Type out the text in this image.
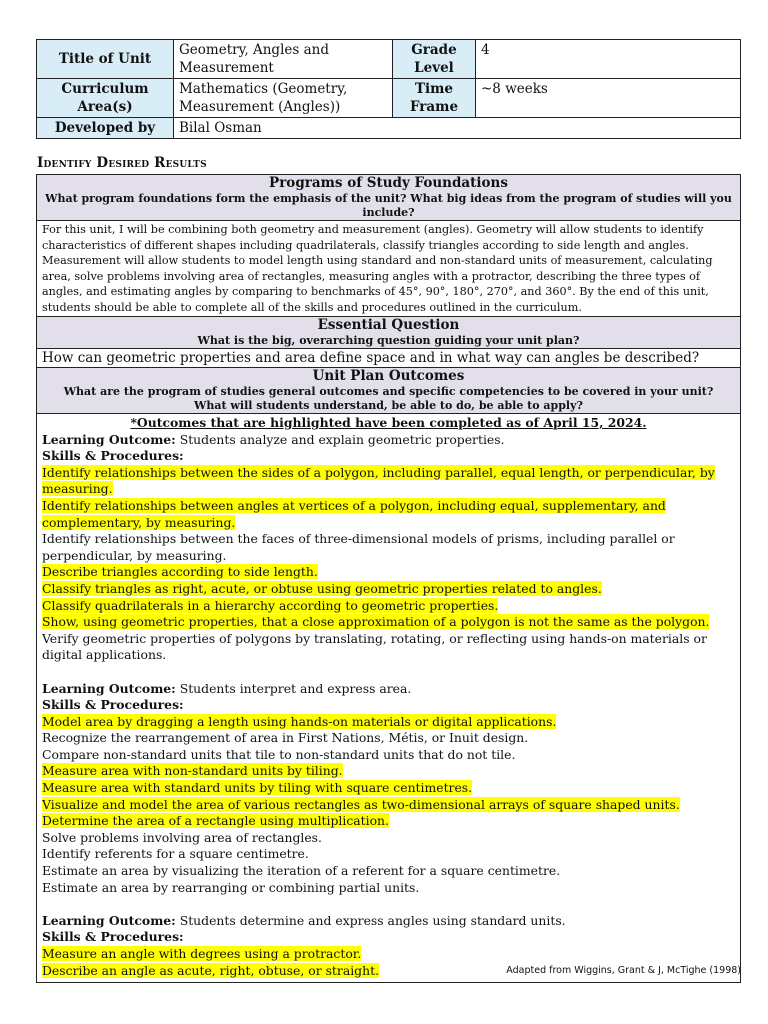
Title of Unit	Geometry, Angles and Measurement	Grade Level	4
Curriculum Area(s)	Mathematics (Geometry, Measurement (Angles))	Time Frame	~8 weeks
Developed by	Bilal Osman		
Identify Desired Results
Programs of Study Foundations
What program foundations form the emphasis of the unit? What big ideas from the program of studies will you include?
For this unit, I will be combining both geometry and measurement (angles). Geometry will allow students to identify characteristics of different shapes including quadrilaterals, classify triangles according to side length and angles. Measurement will allow students to model length using standard and non-standard units of measurement, calculating area, solve problems involving area of rectangles, measuring angles with a protractor, describing the three types of angles, and estimating angles by comparing to benchmarks of 45°, 90°, 180°, 270°, and 360°. By the end of this unit, students should be able to complete all of the skills and procedures outlined in the curriculum.
Essential Question
What is the big, overarching question guiding your unit plan?
How can geometric properties and area define space and in what way can angles be described?
Unit Plan Outcomes
What are the program of studies general outcomes and specific competencies to be covered in your unit?
What will students understand, be able to do, be able to apply?
*Outcomes that are highlighted have been completed as of April 15, 2024.
Learning Outcome: Students analyze and explain geometric properties.
Skills & Procedures:
Identify relationships between the sides of a polygon, including parallel, equal length, or perpendicular, by measuring.
Identify relationships between angles at vertices of a polygon, including equal, supplementary, and complementary, by measuring.
Identify relationships between the faces of three-dimensional models of prisms, including parallel or perpendicular, by measuring.
Describe triangles according to side length.
Classify triangles as right, acute, or obtuse using geometric properties related to angles.
Classify quadrilaterals in a hierarchy according to geometric properties.
Show, using geometric properties, that a close approximation of a polygon is not the same as the polygon.
Verify geometric properties of polygons by translating, rotating, or reflecting using hands-on materials or digital applications.
Learning Outcome: Students interpret and express area.
Skills & Procedures:
Model area by dragging a length using hands-on materials or digital applications.
Recognize the rearrangement of area in First Nations, Métis, or Inuit design.
Compare non-standard units that tile to non-standard units that do not tile.
Measure area with non-standard units by tiling.
Measure area with standard units by tiling with square centimetres.
Visualize and model the area of various rectangles as two-dimensional arrays of square shaped units.
Determine the area of a rectangle using multiplication.
Solve problems involving area of rectangles.
Identify referents for a square centimetre.
Estimate an area by visualizing the iteration of a referent for a square centimetre.
Estimate an area by rearranging or combining partial units.
Learning Outcome: Students determine and express angles using standard units.
Skills & Procedures:
Measure an angle with degrees using a protractor.
Describe an angle as acute, right, obtuse, or straight.	Adapted from Wiggins, Grant & J, McTighe (1998)
